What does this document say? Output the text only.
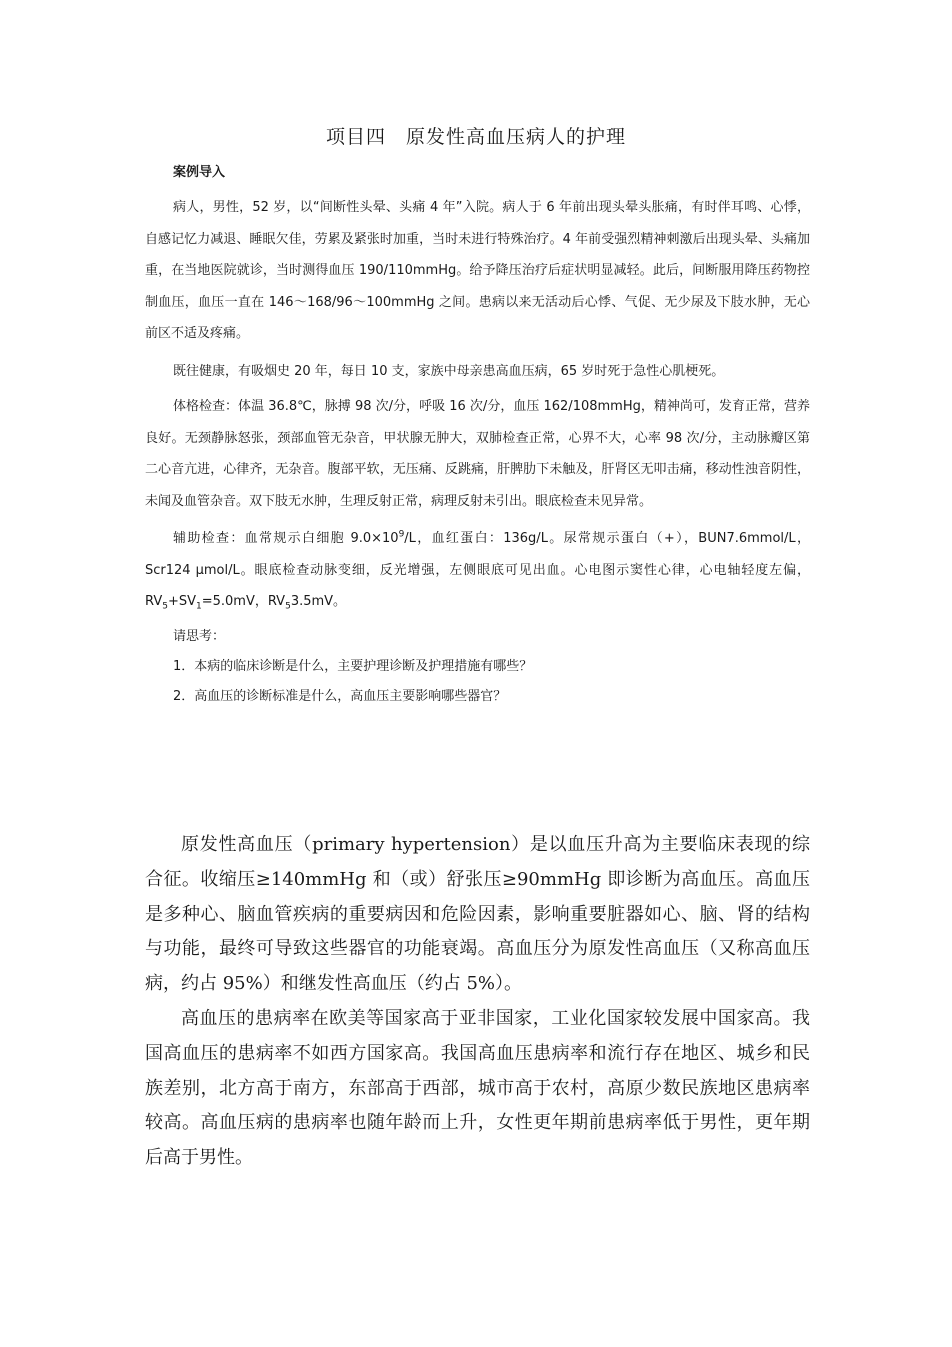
项目四　原发性高血压病人的护理
案例导入

病人，男性，52 岁，以“间断性头晕、头痛 4 年”入院。病人于 6 年前出现头晕头胀痛，有时伴耳鸣、心悸，自感记忆力减退、睡眠欠佳，劳累及紧张时加重，当时未进行特殊治疗。4 年前受强烈精神刺激后出现头晕、头痛加重，在当地医院就诊，当时测得血压 190/110mmHg。给予降压治疗后症状明显减轻。此后，间断服用降压药物控制血压，血压一直在 146～168/96～100mmHg 之间。患病以来无活动后心悸、气促、无少尿及下肢水肿，无心前区不适及疼痛。

既往健康，有吸烟史 20 年，每日 10 支，家族中母亲患高血压病，65 岁时死于急性心肌梗死。

体格检查：体温 36.8℃，脉搏 98 次/分，呼吸 16 次/分，血压 162/108mmHg，精神尚可，发育正常，营养良好。无颈静脉怒张，颈部血管无杂音，甲状腺无肿大，双肺检查正常，心界不大，心率 98 次/分，主动脉瓣区第二心音亢进，心律齐，无杂音。腹部平软，无压痛、反跳痛，肝脾肋下未触及，肝肾区无叩击痛，移动性浊音阴性，未闻及血管杂音。双下肢无水肿，生理反射正常，病理反射未引出。眼底检查未见异常。

辅助检查：血常规示白细胞 $9.0\times 10^9/L$，血红蛋白：136g/L。尿常规示蛋白（+），BUN7.6mmol/L，Scr124 μmol/L。眼底检查动脉变细，反光增强，左侧眼底可见出血。心电图示窦性心律，心电轴轻度左偏，$RV_5+SV_1=5.0mV$，$RV_53.5mV$。

请思考：

1．本病的临床诊断是什么，主要护理诊断及护理措施有哪些？

2．高血压的诊断标准是什么，高血压主要影响哪些器官？

原发性高血压（primary hypertension）是以血压升高为主要临床表现的综合征。收缩压≥140mmHg 和（或）舒张压≥90mmHg 即诊断为高血压。高血压是多种心、脑血管疾病的重要病因和危险因素，影响重要脏器如心、脑、肾的结构与功能，最终可导致这些器官的功能衰竭。高血压分为原发性高血压（又称高血压病，约占 95%）和继发性高血压（约占 5%）。

高血压的患病率在欧美等国家高于亚非国家，工业化国家较发展中国家高。我国高血压的患病率不如西方国家高。我国高血压患病率和流行存在地区、城乡和民族差别，北方高于南方，东部高于西部，城市高于农村，高原少数民族地区患病率较高。高血压病的患病率也随年龄而上升，女性更年期前患病率低于男性，更年期后高于男性。
